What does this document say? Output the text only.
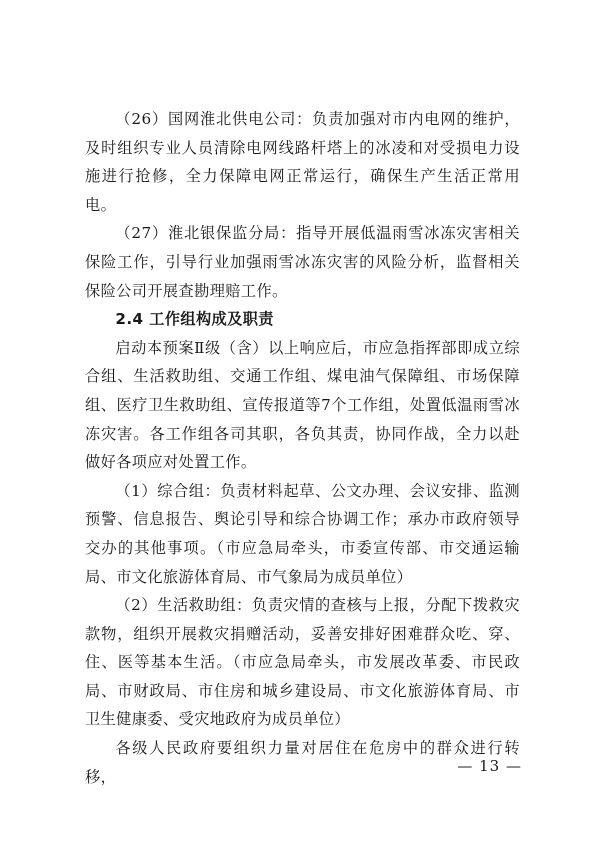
（26）国网淮北供电公司：负责加强对市内电网的维护，及时组织专业人员清除电网线路杆塔上的冰凌和对受损电力设施进行抢修，全力保障电网正常运行，确保生产生活正常用电。

（27）淮北银保监分局：指导开展低温雨雪冰冻灾害相关保险工作，引导行业加强雨雪冰冻灾害的风险分析，监督相关保险公司开展查勘理赔工作。

2.4 工作组构成及职责

启动本预案Ⅱ级（含）以上响应后，市应急指挥部即成立综合组、生活救助组、交通工作组、煤电油气保障组、市场保障组、医疗卫生救助组、宣传报道等7个工作组，处置低温雨雪冰冻灾害。各工作组各司其职，各负其责，协同作战，全力以赴做好各项应对处置工作。

（1）综合组：负责材料起草、公文办理、会议安排、监测预警、信息报告、舆论引导和综合协调工作；承办市政府领导交办的其他事项。（市应急局牵头，市委宣传部、市交通运输局、市文化旅游体育局、市气象局为成员单位）

（2）生活救助组：负责灾情的查核与上报，分配下拨救灾款物，组织开展救灾捐赠活动，妥善安排好困难群众吃、穿、住、医等基本生活。（市应急局牵头，市发展改革委、市民政局、市财政局、市住房和城乡建设局、市文化旅游体育局、市卫生健康委、受灾地政府为成员单位）

各级人民政府要组织力量对居住在危房中的群众进行转移，

— 13 —
